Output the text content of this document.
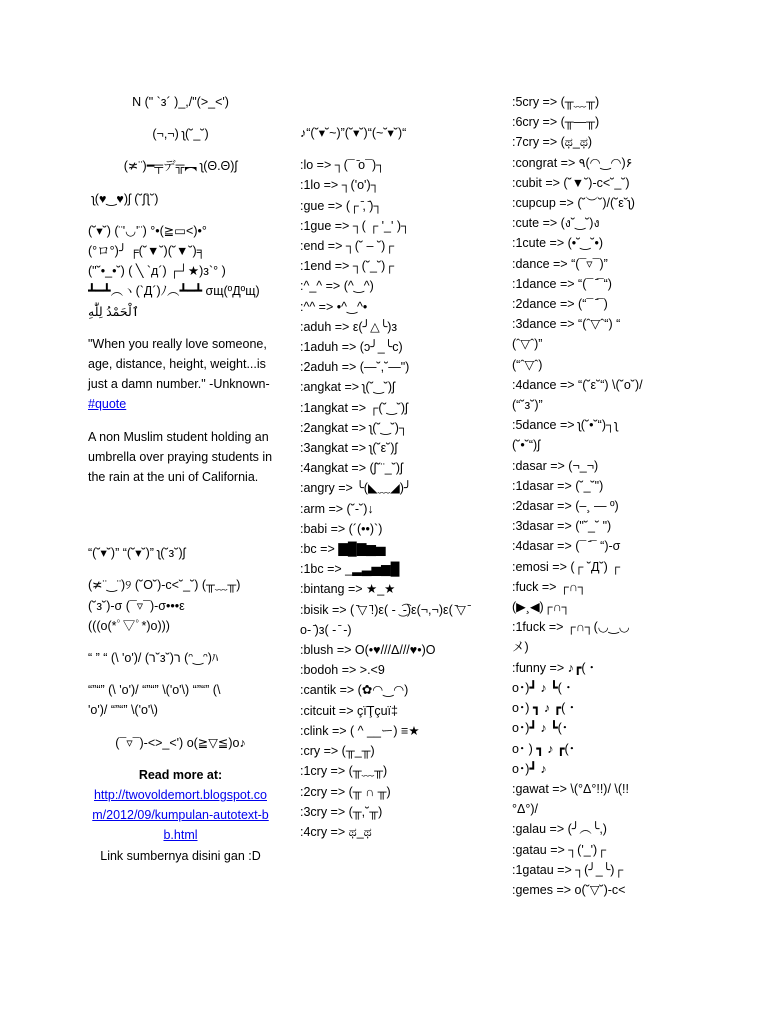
N (" `з´ )_,/"(>_<')
(¬,¬) ʅ(˘_˘)
(≭¨)━╤デ╦︻ ʅ(Θ.Θ)ʃ
ʅ(♥‿♥)ʃ (˘ʃƪ˘)
(˘▾˘) (¨'◡'¨) °•(≧▭<)•°
(°ロ°)╯ ╒(˘▼˘)(˘▼˘)╕
("˘•_•˘) ( ╲ `д´) ┌┘★)з`° )
┻━┻︵ヽ(`Д´)ﾉ︵┻━┻ σщ(ºДºщ)
ٱلْحَمْدُ لِلَّٰهِ

"When you really love someone, age, distance, height, weight...is just a damn number." -Unknown-

#quote

A non Muslim student holding an umbrella over praying students in the rain at the uni of California.

“(˘▾˘)” “(˘▾˘)” ʅ(˘з˘)ʃ
(≭¨‿¨)୨ (˘O˘)-c<˘_˘) (╥﹏╥)
(˘з˘)-σ (¯▿¯)-σ•••ε
(((o(*ﾟ▽ﾟ*)o)))
“ ” “ (\ 'o')/ (ﬧ˘з˘)ﬧ (ᵔ‿ᵔ)ﾊ
“”“” (\ 'o')/ “”“” \('o'\) “”“” (\
'o')/ “”“” \('o'\)
(¯▿¯)-<>_<') o(≧▽≦)o♪
Read more at:
http://twovoldemort.blogspot.com/2012/09/kumpulan-autotext-bb.html
Link sumbernya disini gan :D
♪“(˘▾˘~)”(˘▾˘)“(~˘▾˘)“
:lo => ┐(¯ ̄o¯)┐
:1lo => ┐('o')┐
:gue => (┌ ̄, ̄)┐
:1gue => ┐( ┌ '_' )┐
:end => ┐(˘ – ˘)┌
:1end => ┐(˘_˘)┌
:^_^ => (^‿^)
:^^ => •^‿^•
:aduh => ε(╯△╰)з
:1aduh => (ɔ╯_╰c)
:2aduh => (—˘,˘—")
:angkat => ʅ(˘‿˘)ʃ
:1angkat => ┌(˘‿˘)ʃ
:2angkat => ʅ(˘‿˘)┐
:3angkat => ʅ(˘ε˘)ʃ
:4angkat => (ʃ˘¨_˘)ʃ
:angry => ╰(◣﹏◢)╯
:arm => (˘-˘)↓
:babi => (´(••)`)
:bc => ▇█▇▆▅
:1bc => _▂▃▅▆█
:bintang => ★_★
:bisik => ( ̄▽ ̄!)ε( - ͜ ͡-)ε(¬,¬)ε( ̄▽ ̄
o- ̄)з( - ̄ -)
:blush => O(•♥///Δ///♥•)O
:bodoh => >.<9
:cantik => (✿◠‿◠)
:citcuit => çïŢçuï‡
:clink => ( ^ __ー) ≡★
:cry => (╥_╥)
:1cry => (╥﹏╥)
:2cry => (╥ ∩ ╥)
:3cry => (╥,˘╥)
:4cry => ಥ_ಥ
:5cry => (╥﹏╥)
:6cry => (╥—╥)
:7cry => (ಥ_ಥ)
:congrat => ٩(◠‿◠)۶
:cubit => (˘▼˘)-c<˘_˘)
:cupcup => (˘︶˘)/(˘ε˘ʅ)
:cute => (ง˘‿˘)ง
:1cute => (•˘‿˘•)
:dance => “(¯▿¯)”
:1dance => “(¯ ̄¯“)
:2dance => (“¯ ̄¯)
:3dance => “(ˆ▽ˆ“) “
(ˆ▽ˆ)”
(“ˆ▽ˆ)
:4dance => “(˘ε˘“) \(˘o˘)/
(“˘з˘)”
:5dance => ʅ(˘•˘“)┐ʅ
(˘•˘“)ʃ
:dasar => (¬_¬)
:1dasar => (˘_˘")
:2dasar => (–¸ — º)
:3dasar => ("˘_˘ ")
:4dasar => (¯ ̄¯ “)-σ
:emosi => (┌ ˘Д˘) ┌
:fuck => ┌∩┐
(▶¸◀)┌∩┐
:1fuck => ┌∩┐(◡‿◡
メ)
:funny => ♪┏(・
o･)┛ ♪ ┗( ･
o･) ┓ ♪ ┏( ･
o･)┛ ♪ ┗(･
o･ ) ┓ ♪ ┏(･
o･)┛ ♪
:gawat => \(°Δ°!!)/ \(!!
°Δ°)/
:galau => (╯︵╰,)
:gatau => ┐('_')┌
:1gatau => ┐(╯_╰)┌
:gemes => o(˘▽˘)-c<
